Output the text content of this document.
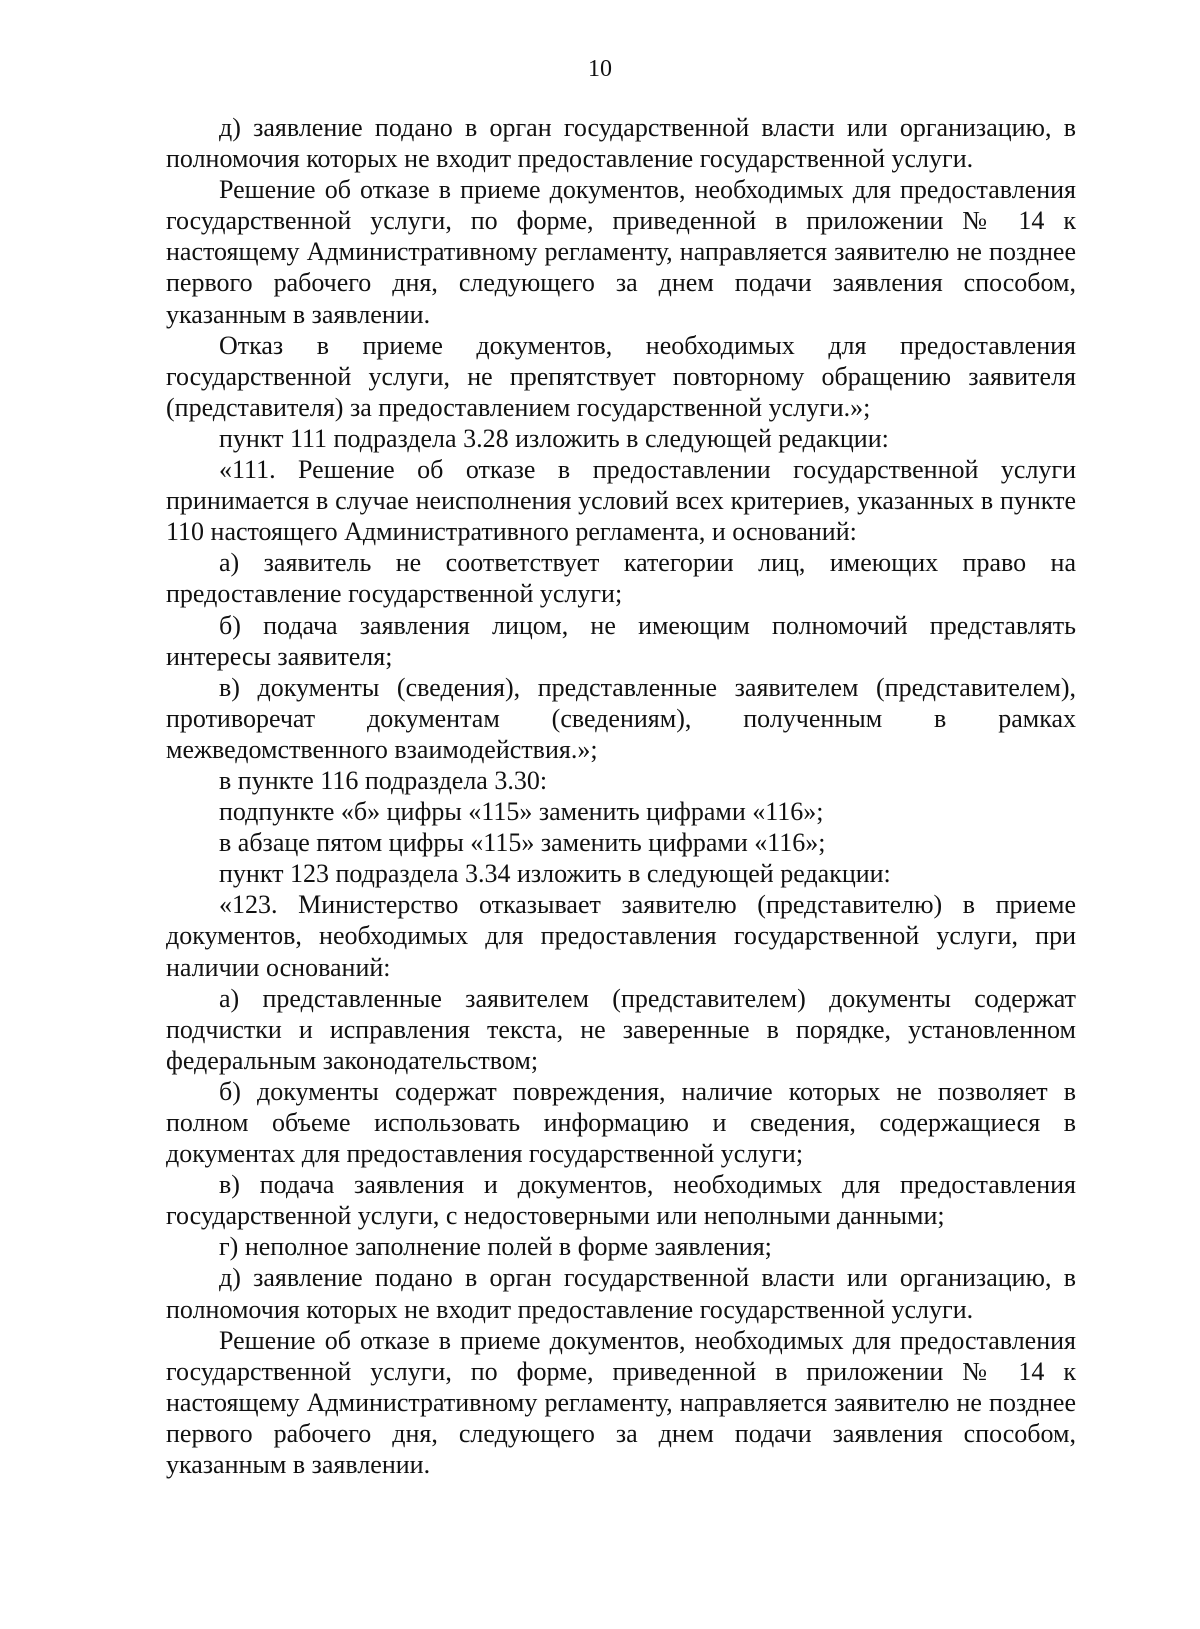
10

д) заявление подано в орган государственной власти или организацию, в полномочия которых не входит предоставление государственной услуги.

Решение об отказе в приеме документов, необходимых для предоставления государственной услуги, по форме, приведенной в приложении № 14 к настоящему Административному регламенту, направляется заявителю не позднее первого рабочего дня, следующего за днем подачи заявления способом, указанным в заявлении.

Отказ в приеме документов, необходимых для предоставления государственной услуги, не препятствует повторному обращению заявителя (представителя) за предоставлением государственной услуги.»;

пункт 111 подраздела 3.28 изложить в следующей редакции:

«111. Решение об отказе в предоставлении государственной услуги принимается в случае неисполнения условий всех критериев, указанных в пункте 110 настоящего Административного регламента, и оснований:

а) заявитель не соответствует категории лиц, имеющих право на предоставление государственной услуги;

б) подача заявления лицом, не имеющим полномочий представлять интересы заявителя;

в) документы (сведения), представленные заявителем (представителем), противоречат документам (сведениям), полученным в рамках межведомственного взаимодействия.»;

в пункте 116 подраздела 3.30:

подпункте «б» цифры «115» заменить цифрами «116»;

в абзаце пятом цифры «115» заменить цифрами «116»;

пункт 123 подраздела 3.34 изложить в следующей редакции:

«123. Министерство отказывает заявителю (представителю) в приеме документов, необходимых для предоставления государственной услуги, при наличии оснований:

а) представленные заявителем (представителем) документы содержат подчистки и исправления текста, не заверенные в порядке, установленном федеральным законодательством;

б) документы содержат повреждения, наличие которых не позволяет в полном объеме использовать информацию и сведения, содержащиеся в документах для предоставления государственной услуги;

в) подача заявления и документов, необходимых для предоставления государственной услуги, с недостоверными или неполными данными;

г) неполное заполнение полей в форме заявления;

д) заявление подано в орган государственной власти или организацию, в полномочия которых не входит предоставление государственной услуги.

Решение об отказе в приеме документов, необходимых для предоставления государственной услуги, по форме, приведенной в приложении № 14 к настоящему Административному регламенту, направляется заявителю не позднее первого рабочего дня, следующего за днем подачи заявления способом, указанным в заявлении.
